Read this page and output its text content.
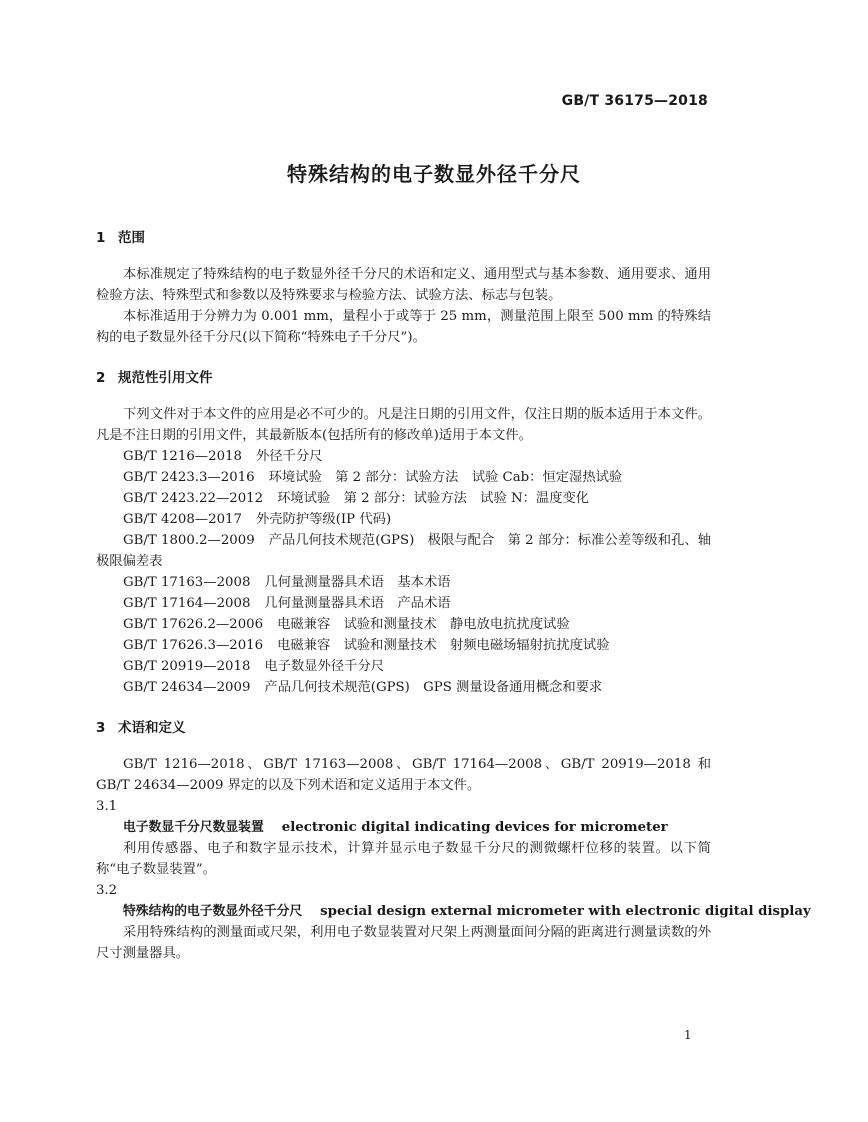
GB/T 36175—2018
特殊结构的电子数显外径千分尺
1 范围

本标准规定了特殊结构的电子数显外径千分尺的术语和定义、通用型式与基本参数、通用要求、通用检验方法、特殊型式和参数以及特殊要求与检验方法、试验方法、标志与包装。

本标准适用于分辨力为 0.001 mm，量程小于或等于 25 mm，测量范围上限至 500 mm 的特殊结构的电子数显外径千分尺(以下简称“特殊电子千分尺”)。

2 规范性引用文件

下列文件对于本文件的应用是必不可少的。凡是注日期的引用文件，仅注日期的版本适用于本文件。凡是不注日期的引用文件，其最新版本(包括所有的修改单)适用于本文件。

GB/T 1216—2018 外径千分尺
GB/T 2423.3—2016 环境试验　第 2 部分：试验方法　试验 Cab：恒定湿热试验
GB/T 2423.22—2012 环境试验　第 2 部分：试验方法　试验 N：温度变化
GB/T 4208—2017 外壳防护等级(IP 代码)

GB/T 1800.2—2009 产品几何技术规范(GPS)　极限与配合　第 2 部分：标准公差等级和孔、轴极限偏差表

GB/T 17163—2008 几何量测量器具术语　基本术语
GB/T 17164—2008 几何量测量器具术语　产品术语
GB/T 17626.2—2006 电磁兼容　试验和测量技术　静电放电抗扰度试验
GB/T 17626.3—2016 电磁兼容　试验和测量技术　射频电磁场辐射抗扰度试验
GB/T 20919—2018 电子数显外径千分尺
GB/T 24634—2009 产品几何技术规范(GPS)　GPS 测量设备通用概念和要求
3 术语和定义

GB/T 1216—2018、GB/T 17163—2008、GB/T 17164—2008、GB/T 20919—2018 和 GB/T 24634—2009 界定的以及下列术语和定义适用于本文件。

3.1

电子数显千分尺数显装置 electronic digital indicating devices for micrometer

利用传感器、电子和数字显示技术，计算并显示电子数显千分尺的测微螺杆位移的装置。以下简称“电子数显装置”。

3.2

特殊结构的电子数显外径千分尺 special design external micrometer with electronic digital display

采用特殊结构的测量面或尺架，利用电子数显装置对尺架上两测量面间分隔的距离进行测量读数的外尺寸测量器具。

1
